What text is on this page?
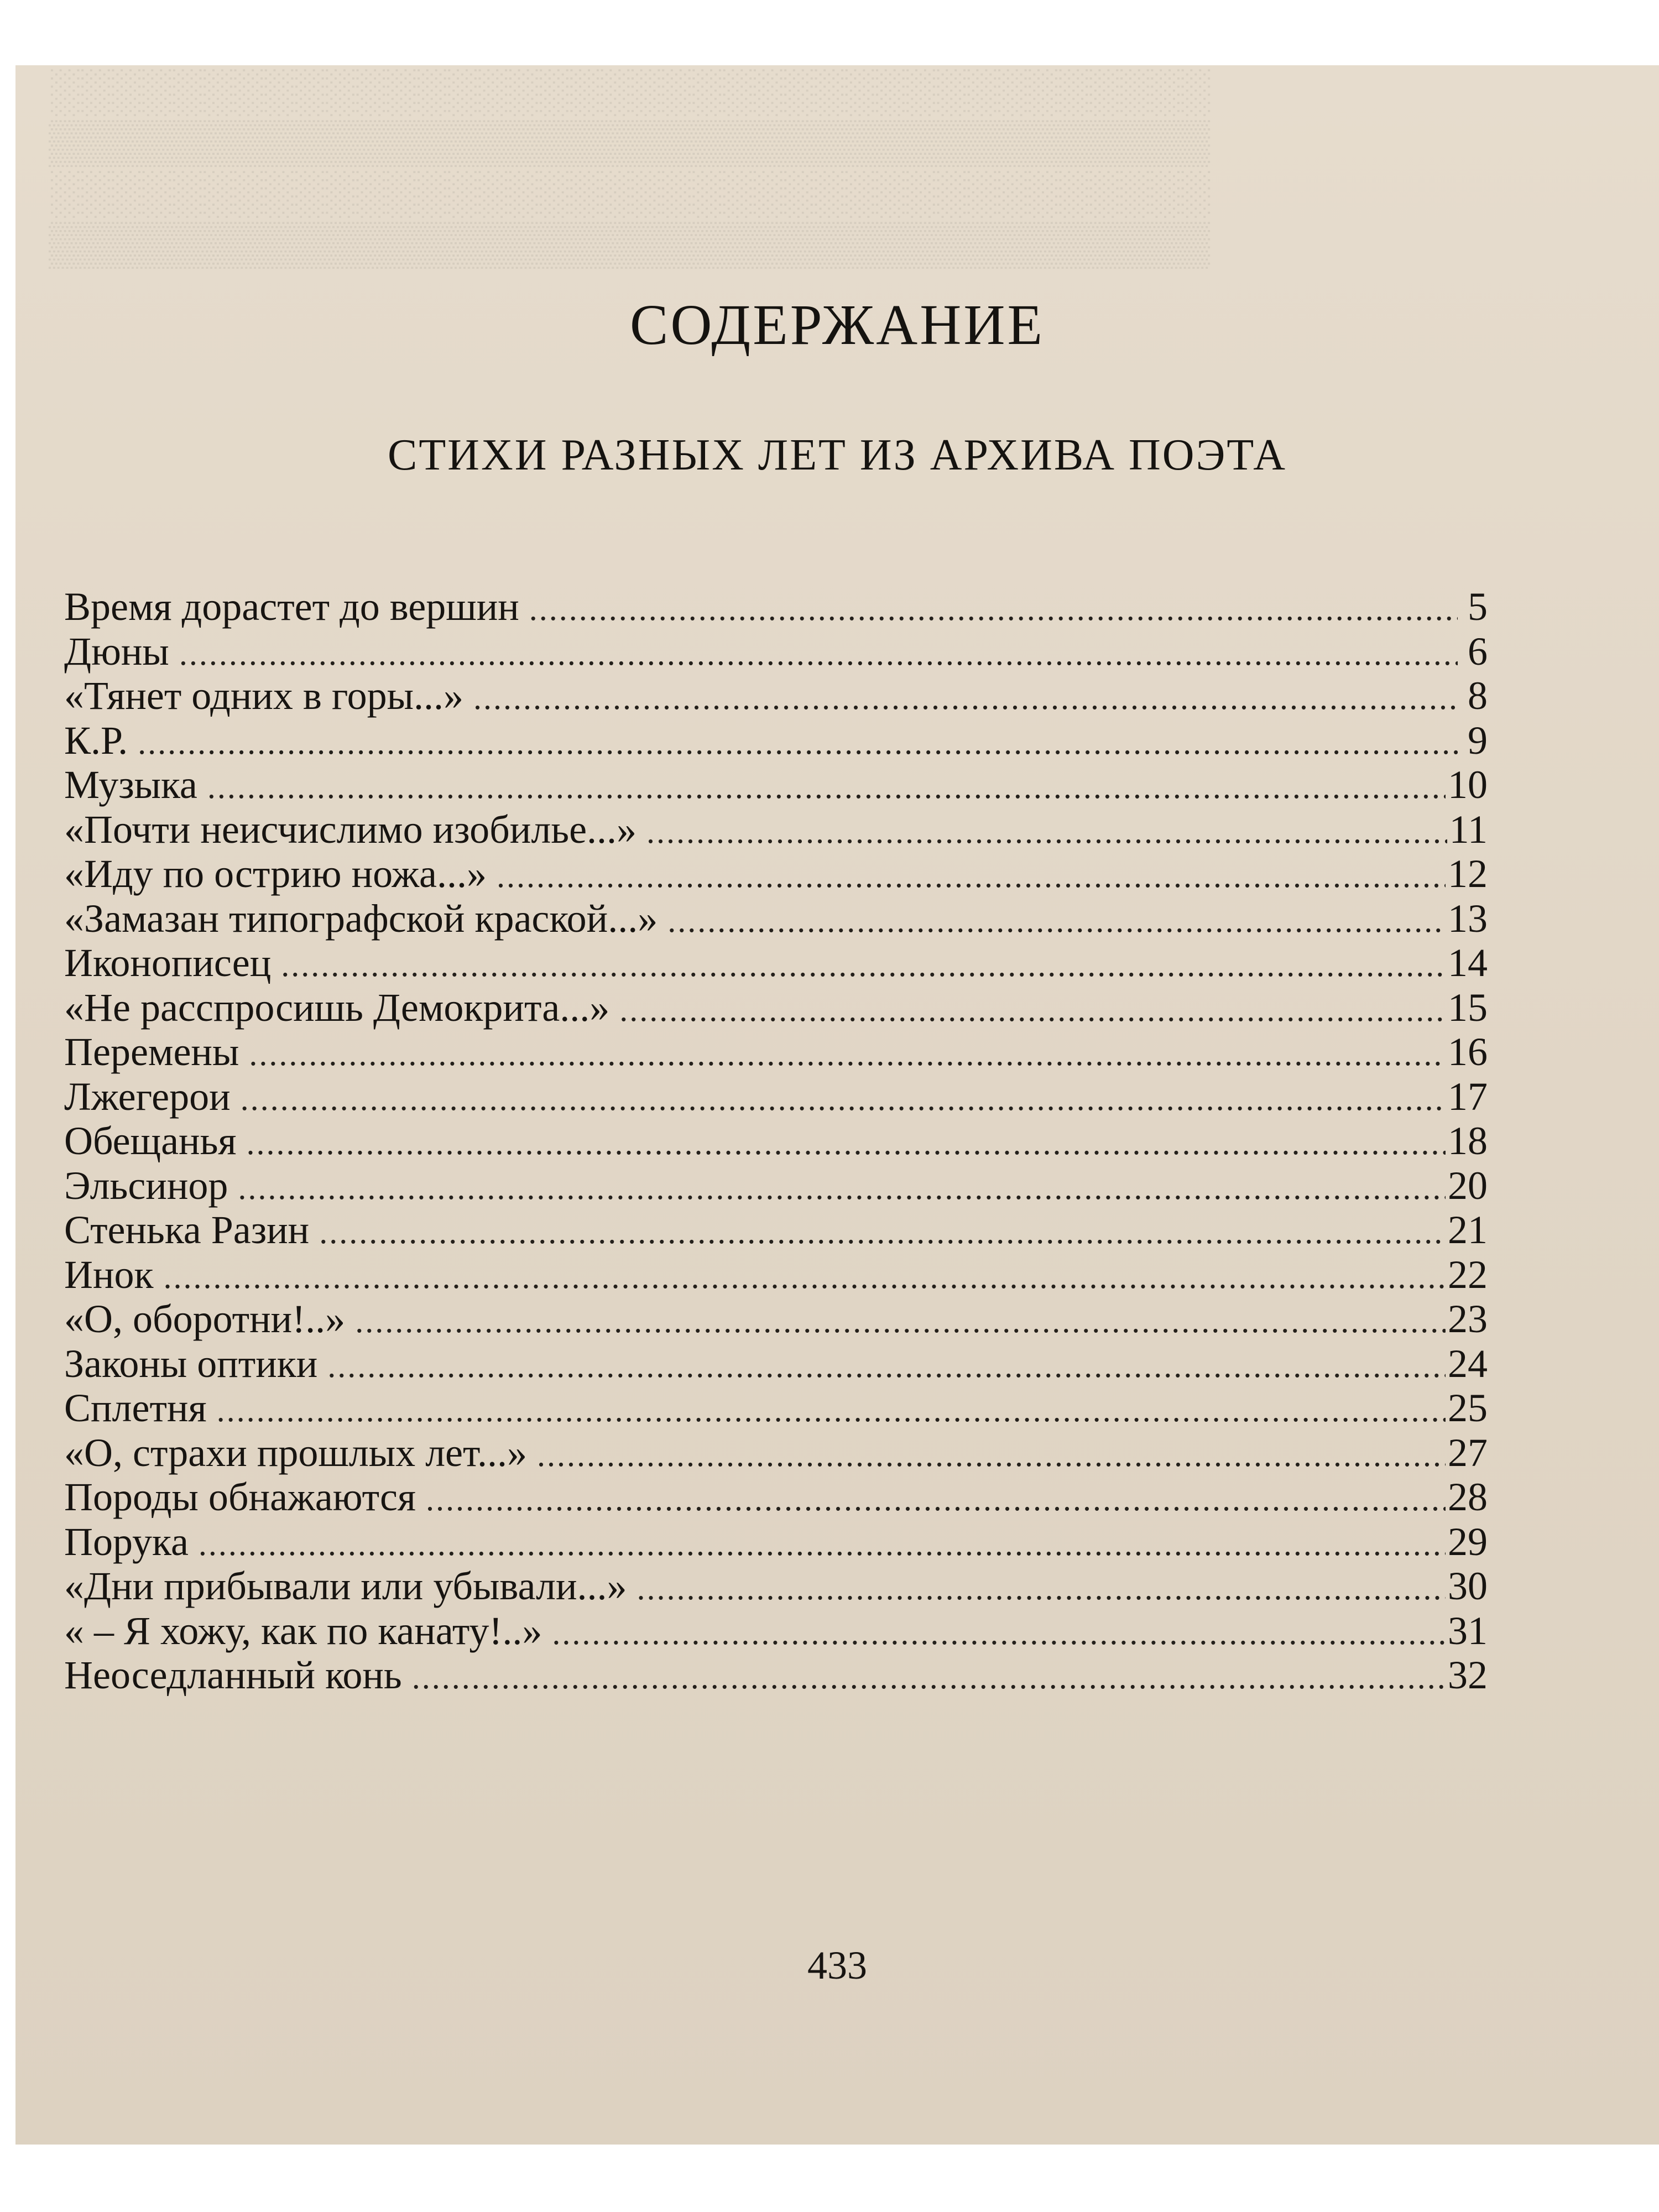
░░░░░░░░░░░░░░░░░░░░░░░░░░░░░░░░░░░░░░
▒▒▒▒▒▒▒▒▒▒▒▒▒▒▒▒▒▒▒▒▒▒▒▒▒▒▒▒▒▒▒▒▒▒▒▒▒▒
░░░░░░░░░░░░░░░░░░░░░░░░░░░░░░░░░░░░░░
▒▒▒▒▒▒▒▒▒▒▒▒▒▒▒▒▒▒▒▒▒▒▒▒▒▒▒▒▒▒▒▒▒▒▒▒▒▒
СОДЕРЖАНИЕ
СТИХИ РАЗНЫХ ЛЕТ ИЗ АРХИВА ПОЭТА
Время дорастет до вершин .....	5
Дюны .....	6
«Тянет одних в горы...» .....	8
К.Р. .....	9
Музыка .....	10
«Почти неисчислимо изобилье...» .....	11
«Иду по острию ножа...» .....	12
«Замазан типографской краской...» .....	13
Иконописец .....	14
«Не расспросишь Демокрита...» .....	15
Перемены .....	16
Лжегерои .....	17
Обещанья .....	18
Эльсинор .....	20
Стенька Разин .....	21
Инок .....	22
«О, оборотни!..» .....	23
Законы оптики .....	24
Сплетня .....	25
«О, страхи прошлых лет...» .....	27
Породы обнажаются .....	28
Порука .....	29
«Дни прибывали или убывали...» .....	30
« – Я хожу, как по канату!..» .....	31
Неоседланный конь .....	32
433
